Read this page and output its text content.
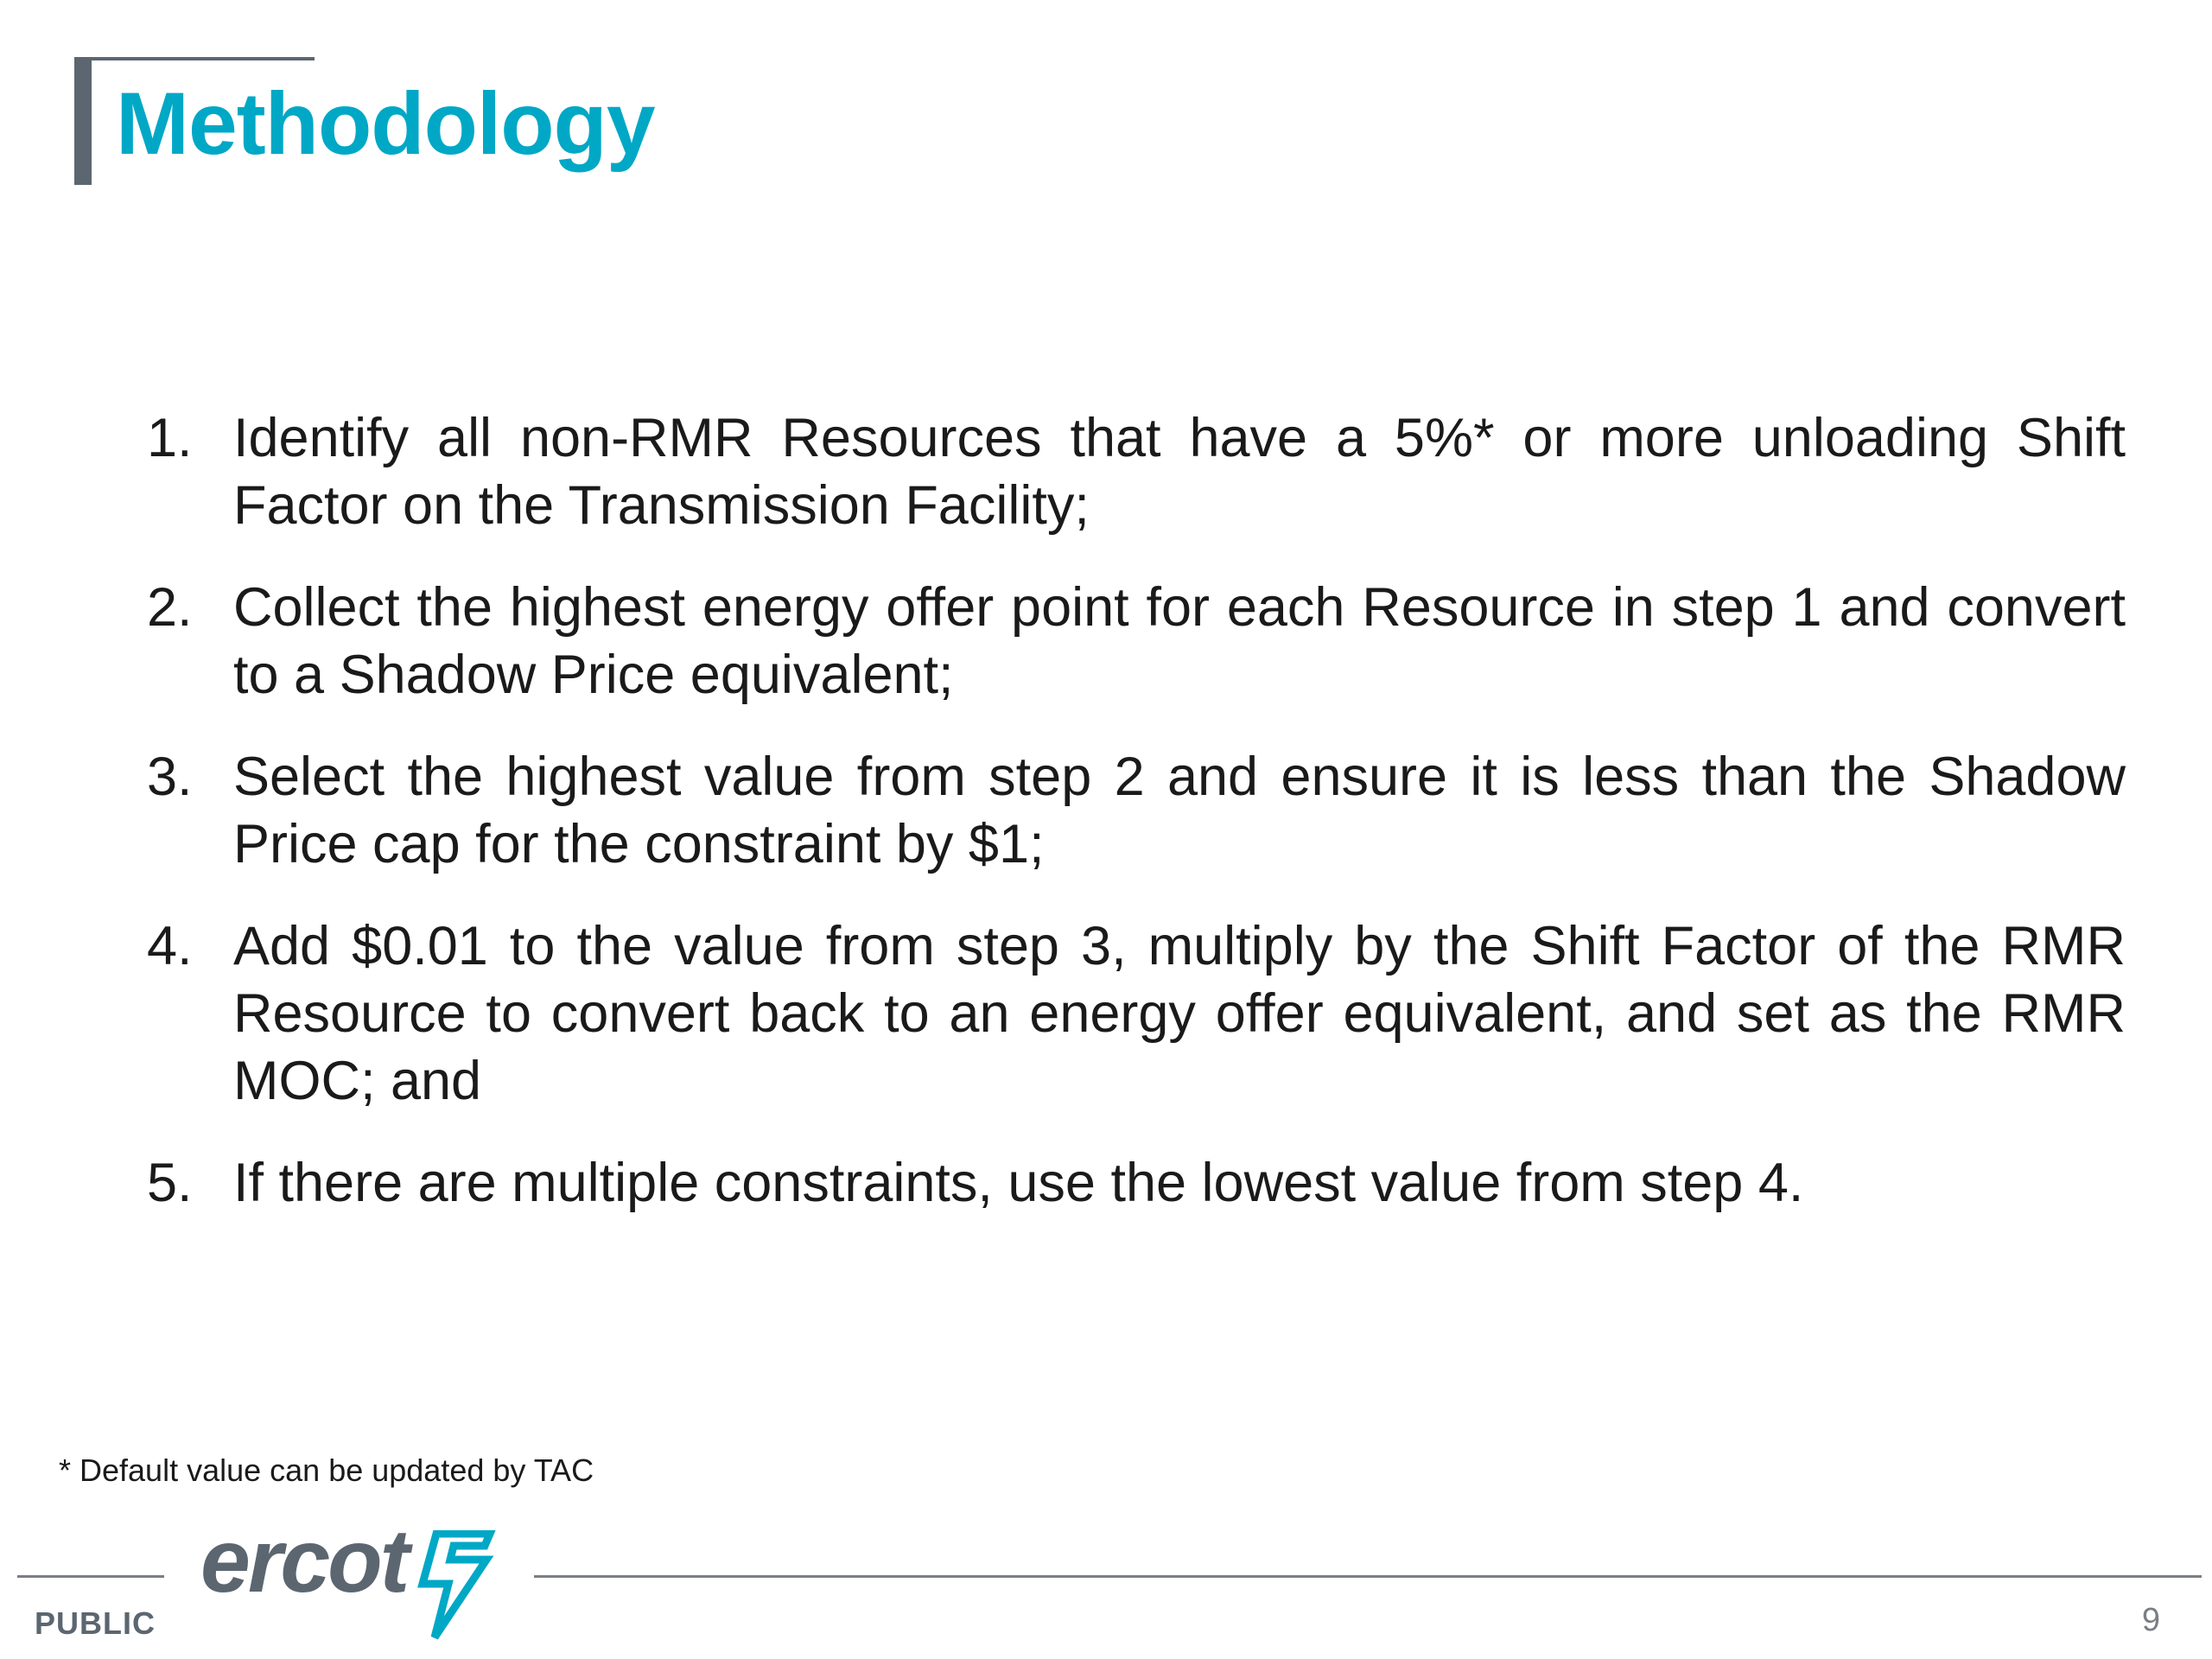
Methodology
1. Identify all non-RMR Resources that have a 5%* or more unloading Shift Factor on the Transmission Facility;
2. Collect the highest energy offer point for each Resource in step 1 and convert to a Shadow Price equivalent;
3. Select the highest value from step 2 and ensure it is less than the Shadow Price cap for the constraint by $1;
4. Add $0.01 to the value from step 3, multiply by the Shift Factor of the RMR Resource to convert back to an energy offer equivalent, and set as the RMR MOC; and
5. If there are multiple constraints, use the lowest value from step 4.
* Default value can be updated by TAC
ercot
PUBLIC	9
